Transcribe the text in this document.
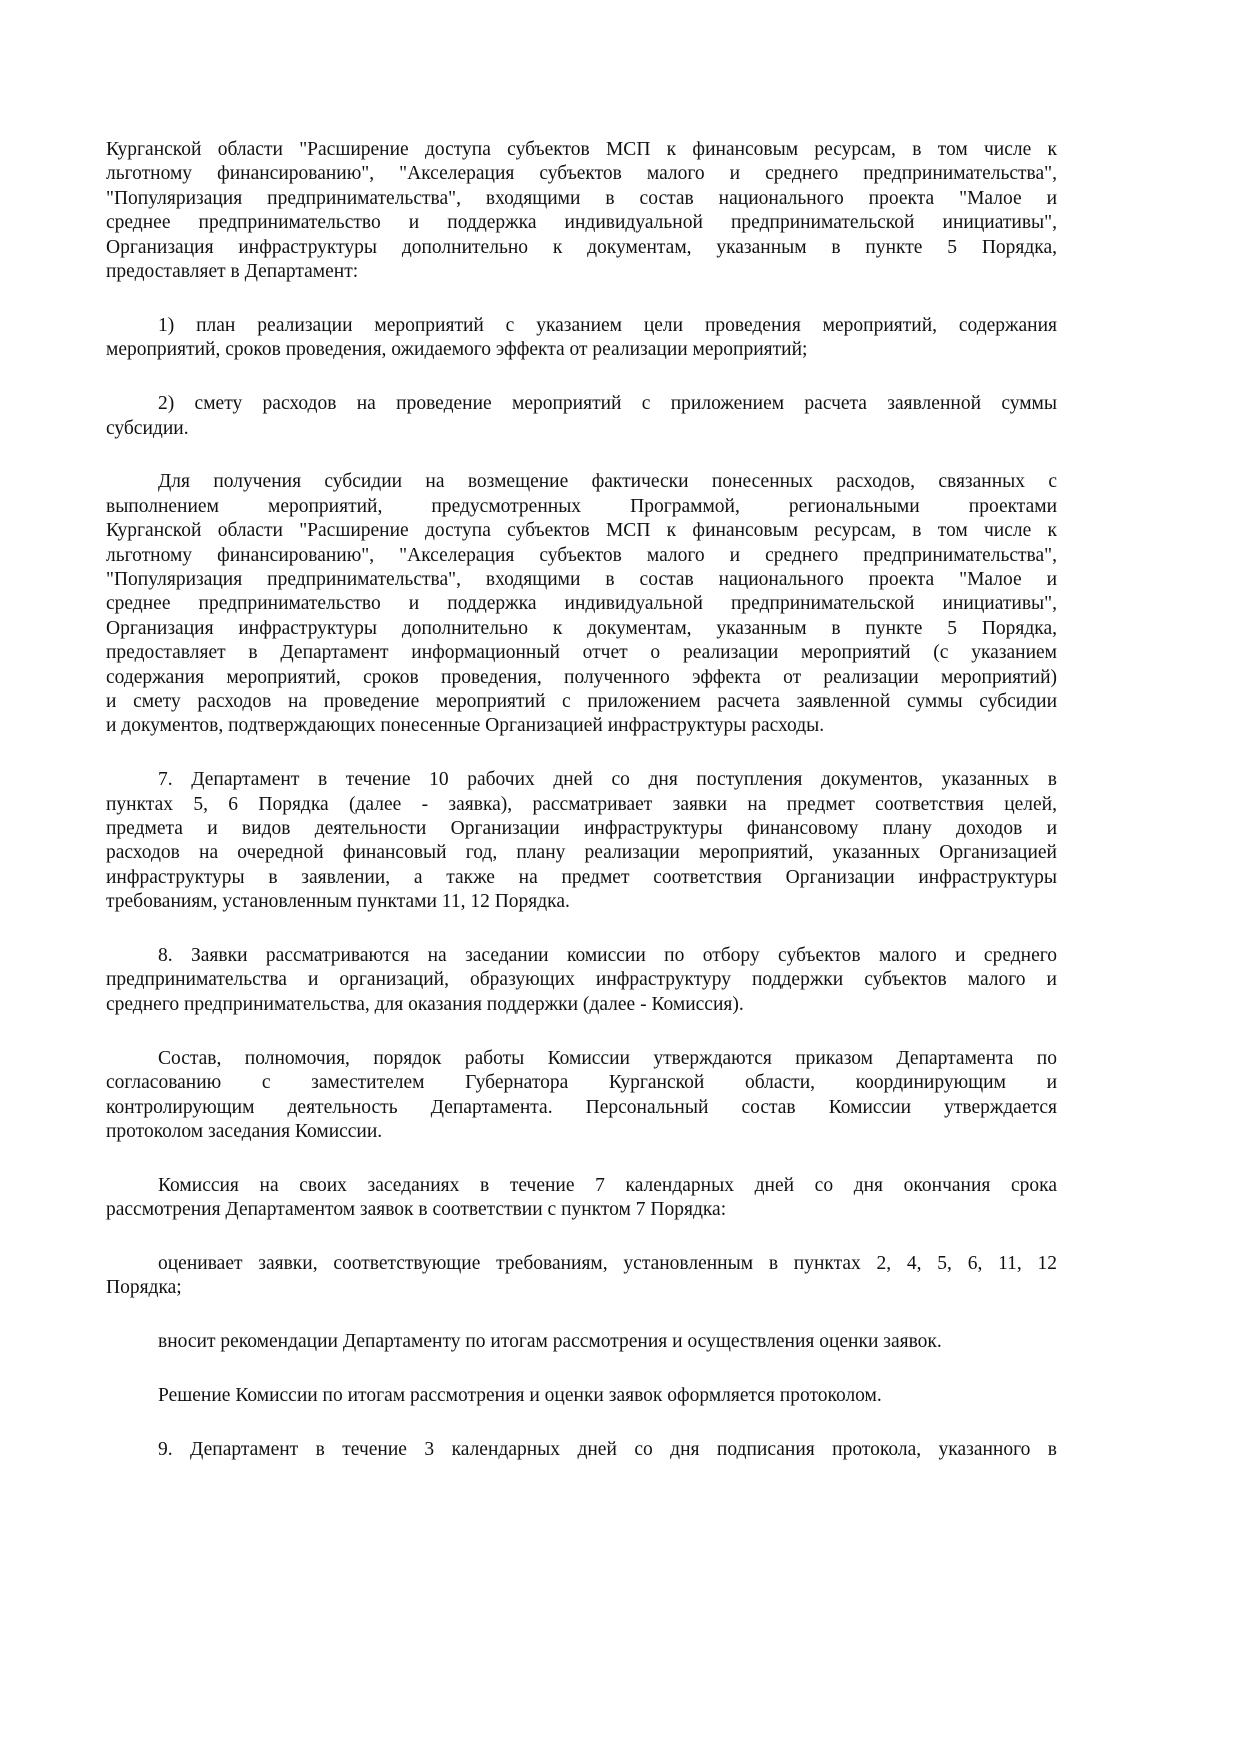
Курганской области "Расширение доступа субъектов МСП к финансовым ресурсам, в том числе к
льготному финансированию", "Акселерация субъектов малого и среднего предпринимательства",
"Популяризация предпринимательства", входящими в состав национального проекта "Малое и
среднее предпринимательство и поддержка индивидуальной предпринимательской инициативы",
Организация инфраструктуры дополнительно к документам, указанным в пункте 5 Порядка,
предоставляет в Департамент:
1) план реализации мероприятий с указанием цели проведения мероприятий, содержания
мероприятий, сроков проведения, ожидаемого эффекта от реализации мероприятий;
2) смету расходов на проведение мероприятий с приложением расчета заявленной суммы
субсидии.
Для получения субсидии на возмещение фактически понесенных расходов, связанных с
выполнением мероприятий, предусмотренных Программой, региональными проектами
Курганской области "Расширение доступа субъектов МСП к финансовым ресурсам, в том числе к
льготному финансированию", "Акселерация субъектов малого и среднего предпринимательства",
"Популяризация предпринимательства", входящими в состав национального проекта "Малое и
среднее предпринимательство и поддержка индивидуальной предпринимательской инициативы",
Организация инфраструктуры дополнительно к документам, указанным в пункте 5 Порядка,
предоставляет в Департамент информационный отчет о реализации мероприятий (с указанием
содержания мероприятий, сроков проведения, полученного эффекта от реализации мероприятий)
и смету расходов на проведение мероприятий с приложением расчета заявленной суммы субсидии
и документов, подтверждающих понесенные Организацией инфраструктуры расходы.
7. Департамент в течение 10 рабочих дней со дня поступления документов, указанных в
пунктах 5, 6 Порядка (далее - заявка), рассматривает заявки на предмет соответствия целей,
предмета и видов деятельности Организации инфраструктуры финансовому плану доходов и
расходов на очередной финансовый год, плану реализации мероприятий, указанных Организацией
инфраструктуры в заявлении, а также на предмет соответствия Организации инфраструктуры
требованиям, установленным пунктами 11, 12 Порядка.
8. Заявки рассматриваются на заседании комиссии по отбору субъектов малого и среднего
предпринимательства и организаций, образующих инфраструктуру поддержки субъектов малого и
среднего предпринимательства, для оказания поддержки (далее - Комиссия).
Состав, полномочия, порядок работы Комиссии утверждаются приказом Департамента по
согласованию с заместителем Губернатора Курганской области, координирующим и
контролирующим деятельность Департамента. Персональный состав Комиссии утверждается
протоколом заседания Комиссии.
Комиссия на своих заседаниях в течение 7 календарных дней со дня окончания срока
рассмотрения Департаментом заявок в соответствии с пунктом 7 Порядка:
оценивает заявки, соответствующие требованиям, установленным в пунктах 2, 4, 5, 6, 11, 12
Порядка;
вносит рекомендации Департаменту по итогам рассмотрения и осуществления оценки заявок.
Решение Комиссии по итогам рассмотрения и оценки заявок оформляется протоколом.
9. Департамент в течение 3 календарных дней со дня подписания протокола, указанного в
